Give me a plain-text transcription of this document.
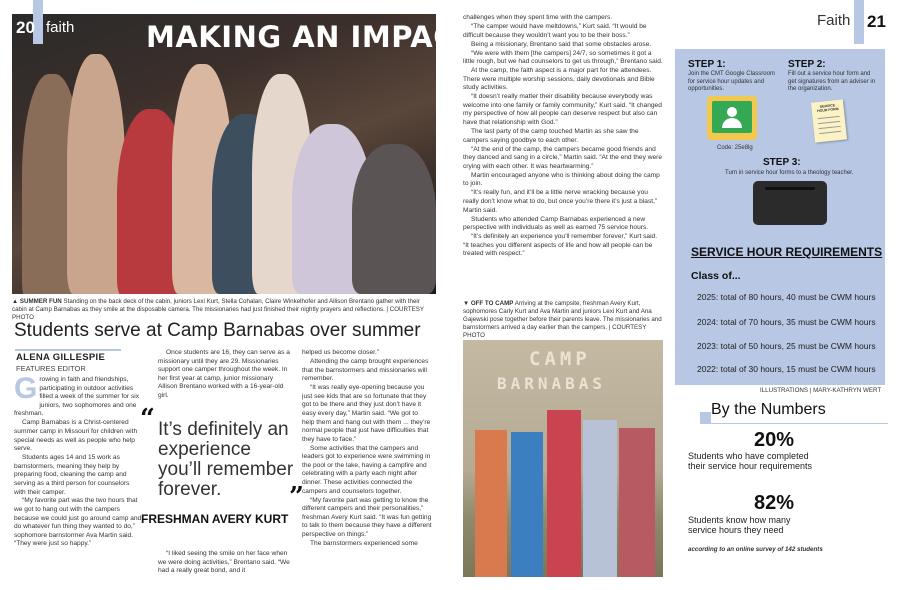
20 faith MAKING AN IMPACT
▲ SUMMER FUN Standing on the back deck of the cabin, juniors Lexi Kurt, Stella Cohalan, Claire Winkelhofer and Allison Brentano gather with their cabin at Camp Barnabas as they smile at the disposable camera. The missionaries had just finished their nightly prayers and reflections. | COURTESY PHOTO
Students serve at Camp Barnabas over summer
ALENA GILLESPIE
FEATURES EDITOR

Growing in faith and friendships, participating in outdoor activities filled a week of the summer for six juniors, two sophomores and one freshman.

Camp Barnabas is a Christ-centered summer camp in Missouri for children with special needs as well as people who help serve.

Students ages 14 and 15 work as barnstormers, meaning they help by preparing food, cleaning the camp and serving as a third person for counselors with their camper.

“My favorite part was the two hours that we got to hang out with the campers because we could just go around camp and do whatever fun thing they wanted to do,” sophomore barnstormer Ava Martin said. “They were just so happy.”

Once students are 16, they can serve as a missionary until they are 29. Missionaries support one camper throughout the week. In her first year at camp, junior missionary Allison Brentano worked with a 16-year-old girl.

“ It’s definitely an experience you’ll remember forever.	”
FRESHMAN AVERY KURT

“I liked seeing the smile on her face when we were doing activities,” Brentano said. “We had a really great bond, and it

helped us become closer.”

Attending the camp brought experiences that the barnstormers and missionaries will remember.

“It was really eye-opening because you just see kids that are so fortunate that they got to be there and they just don’t have it easy every day,” Martin said. “We got to help them and hang out with them ... they’re normal people that just have difficulties that they have to face.”

Some activities that the campers and leaders got to experience were swimming in the pool or the lake, having a campfire and celebrating with a party each night after dinner. These activities connected the campers and counselors together.

“My favorite part was getting to know the different campers and their personalities,” freshman Avery Kurt said. “It was fun getting to talk to them because they have a different perspective on things.”

The barnstormers experienced some

challenges when they spent time with the campers.

“The camper would have meltdowns,” Kurt said. “It would be difficult because they wouldn’t want you to be their boss.”

Being a missionary, Brentano said that some obstacles arose.

“We were with them [the campers] 24/7, so sometimes it got a little rough, but we had counselors to get us through,” Brentano said.

At the camp, the faith aspect is a major part for the attendees. There were multiple worship sessions, daily devotionals and Bible study activities.

“It doesn’t really matter their disability because everybody was welcome into one family or family community,” Kurt said. “It changed my perspective of how all people can deserve respect but also can have that relationship with God.”

The last party of the camp touched Martin as she saw the campers saying goodbye to each other.

“At the end of the camp, the campers became good friends and they danced and sang in a circle,” Martin said. “At the end they were crying with each other. It was heartwarming.”

Martin encouraged anyone who is thinking about doing the camp to join.

“It’s really fun, and it’ll be a little nerve wracking because you really don’t know what to do, but once you’re there it’s just a blast,” Martin said.

Students who attended Camp Barnabas experienced a new perspective with individuals as well as earned 75 service hours.

“It’s definitely an experience you’ll remember forever,” Kurt said. “It teaches you different aspects of life and how all people can be treated with respect.”

▼ OFF TO CAMP Arriving at the campsite, freshman Avery Kurt, sophomores Carly Kurt and Ava Martin and juniors Lexi Kurt and Ana Gajewski pose together before their parents leave. The missionaries and barnstormers arrived a day earlier than the campers. | COURTESY PHOTO
CAMP
BARNABAS
Faith 21
STEP 1:
Join the CMT Google Classroom for service hour updates and opportunities.
Code: 25e8lg
STEP 2:
Fill out a service hour form and get signatures from an adviser in the organization.
SERVICE HOUR FORM
STEP 3:
Turn in service hour forms to a theology teacher.
SERVICE HOUR REQUIREMENTS
Class of...
2025: total of 80 hours, 40 must be CWM hours
2024: total of 70 hours, 35 must be CWM hours
2023: total of 50 hours, 25 must be CWM hours
2022: total of 30 hours, 15 must be CWM hours
ILLUSTRATIONS | MARY-KATHRYN WERT
By the Numbers
20%
Students who have completed their service hour requirements
82%
Students know how many service hours they need
according to an online survey of 142 students
